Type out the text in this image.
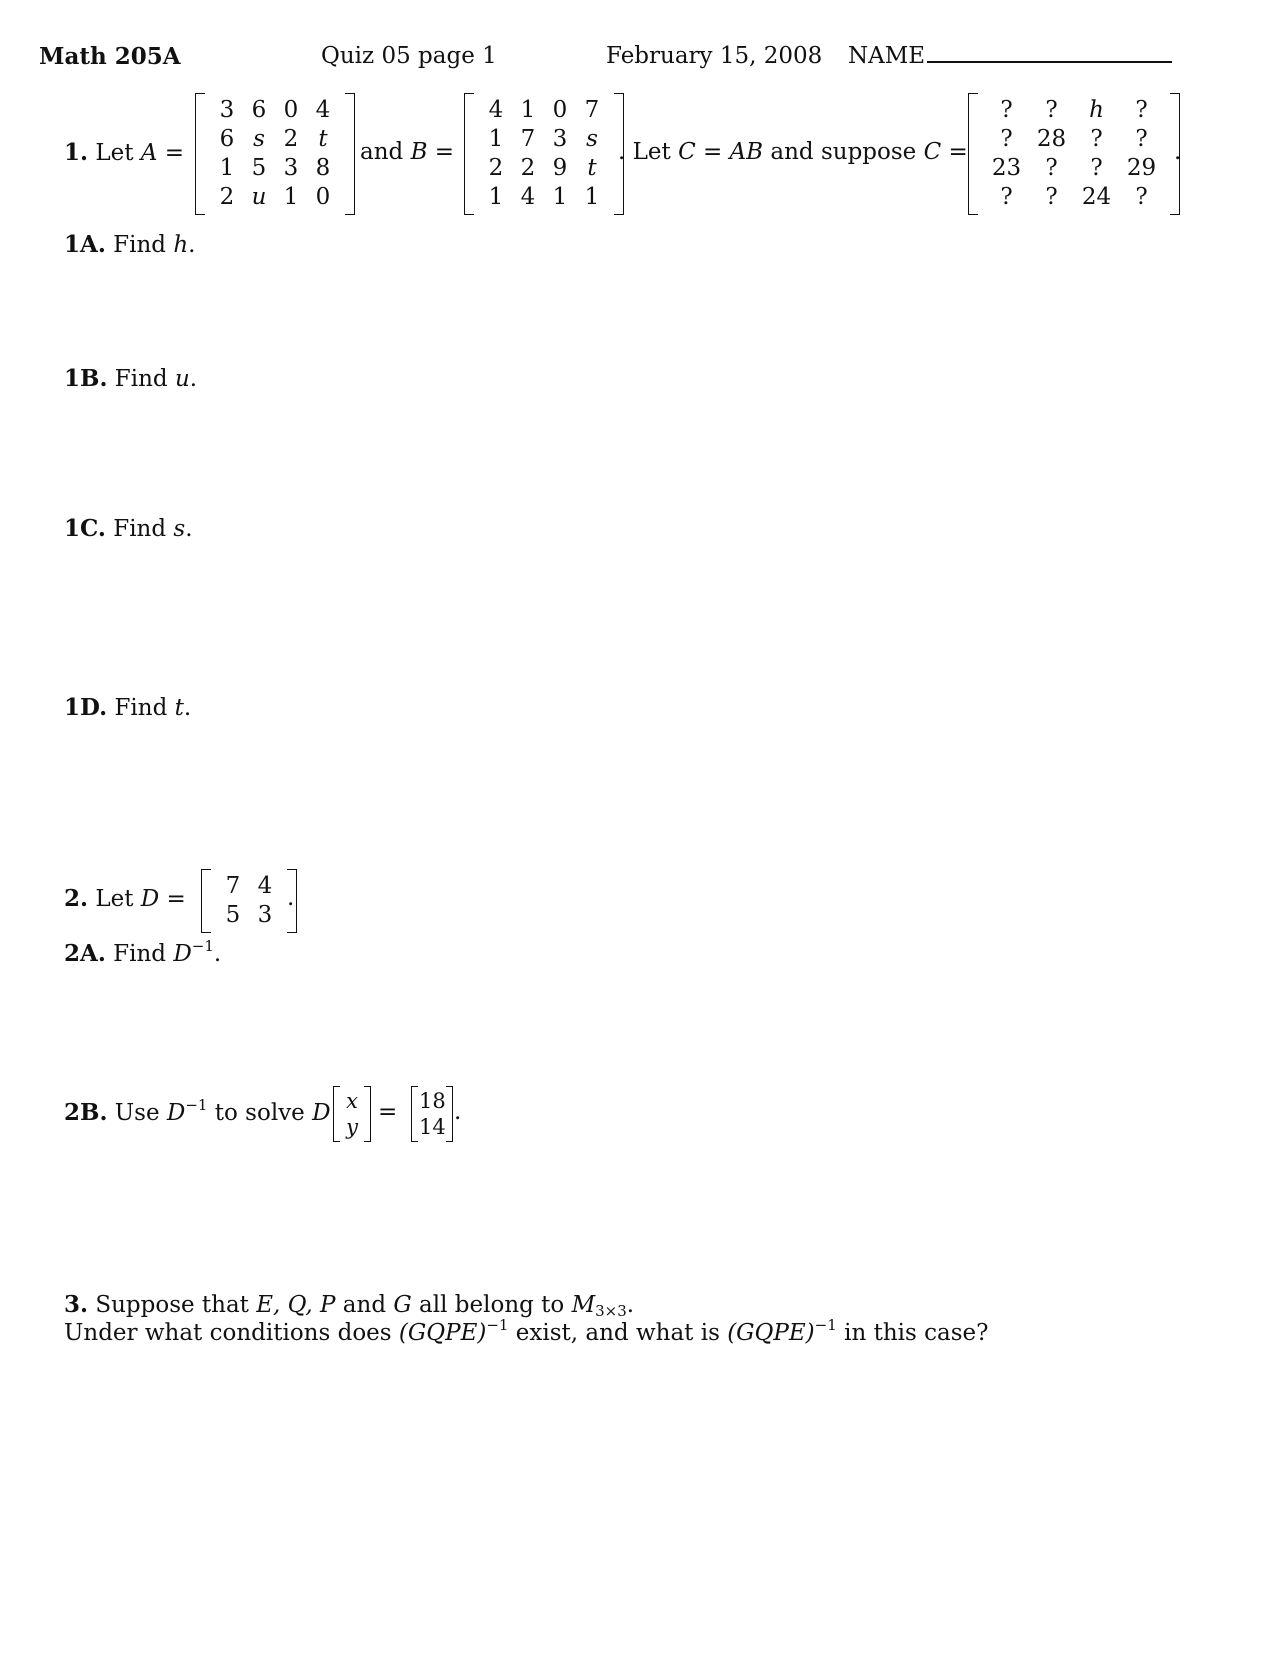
Math 205A	Quiz 05 page 1	February 15, 2008 NAME
1. Let A =
3 6 0 4
6 s 2 t
1 5 3 8
2 u 1 0
and B =
4 1 0 7
1 7 3 s
2 2 9 t
1 4 1 1
. Let C = AB and suppose C =
?	?	h	?
?	28	?	?
23	?	?	29
?	?	24	?
.
1A. Find h.
1B. Find u.
1C. Find s.
1D. Find t.
2. Let D =	7 4
5 3
.
2A. Find $D^{-1}$.
2B. Use $D^{-1}$ to solve D x
y
= 18
14
.
3. Suppose that E, Q, P and G all belong to $M_{3\times 3}$.
Under what conditions does (GQPE)$^{-1}$ exist, and what is (GQPE)$^{-1}$ in this case?
